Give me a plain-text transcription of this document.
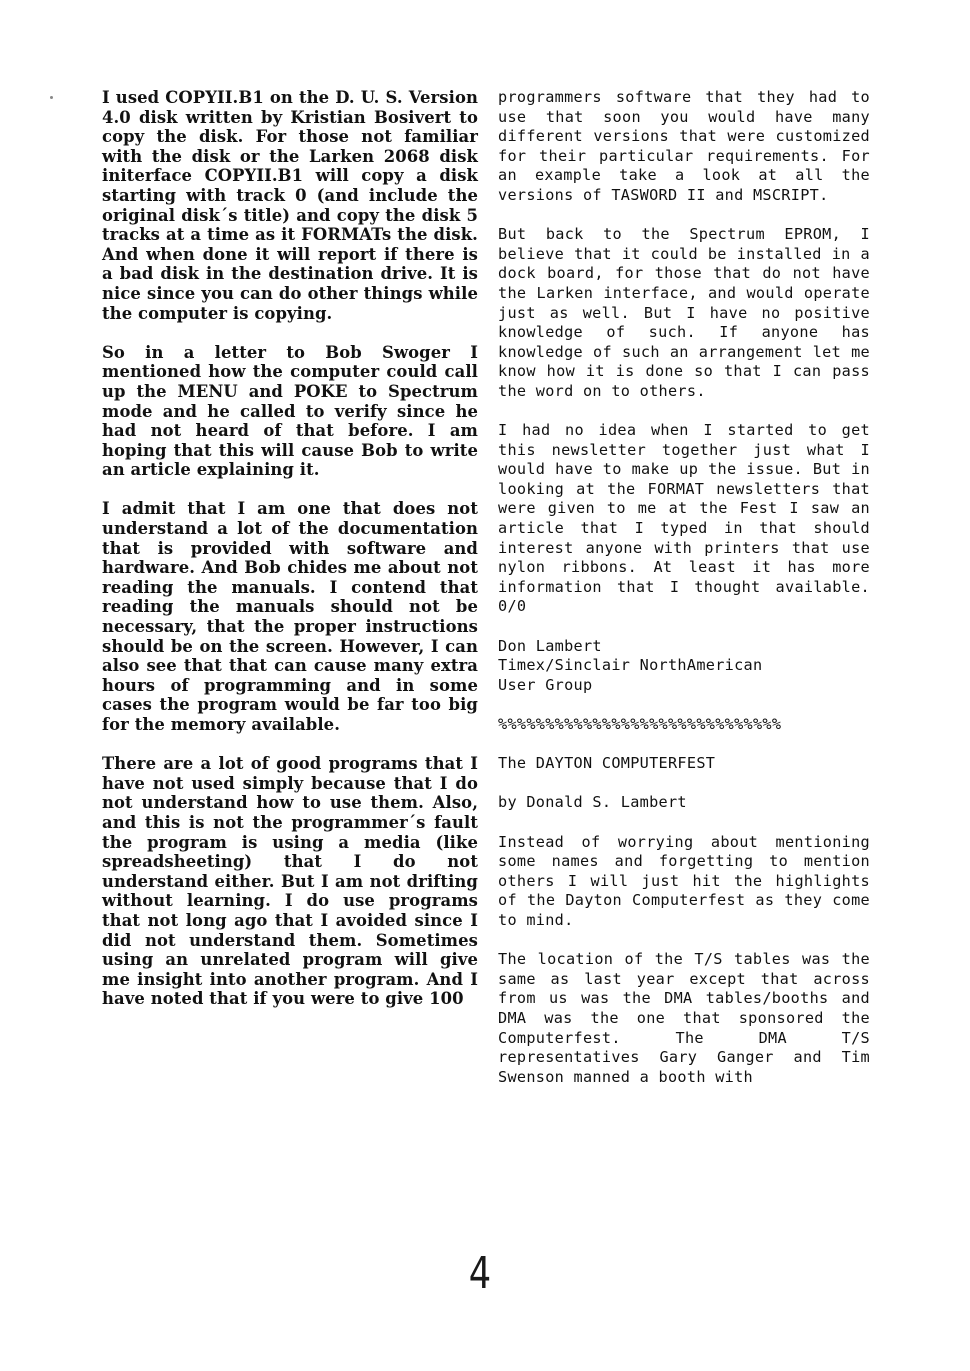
I used COPYII.B1 on the D. U. S. Version 4.0 disk written by Kristian Bosivert to copy the disk. For those not familiar with the disk or the Larken 2068 disk initerface COPYII.B1 will copy a disk starting with track 0 (and include the original disk´s title) and copy the disk 5 tracks at a time as it FORMATs the disk. And when done it will report if there is a bad disk in the destination drive. It is nice since you can do other things while the computer is copying.

So in a letter to Bob Swoger I mentioned how the computer could call up the MENU and POKE to Spectrum mode and he called to verify since he had not heard of that before. I am hoping that this will cause Bob to write an article explaining it.

I admit that I am one that does not understand a lot of the documentation that is provided with software and hardware. And Bob chides me about not reading the manuals. I contend that reading the manuals should not be necessary, that the proper instructions should be on the screen. However, I can also see that that can cause many extra hours of programming and in some cases the program would be far too big for the memory available.

There are a lot of good programs that I have not used simply because that I do not understand how to use them. Also, and this is not the programmer´s fault the program is using a media (like spreadsheeting) that I do not understand either. But I am not drifting without learning. I do use programs that not long ago that I avoided since I did not understand them. Sometimes using an unrelated program will give me insight into another program. And I have noted that if you were to give 100

programmers software that they had to use that soon you would have many different versions that were customized for their particular requirements. For an example take a look at all the versions of TASWORD II and MSCRIPT.

But back to the Spectrum EPROM, I believe that it could be installed in a dock board, for those that do not have the Larken interface, and would operate just as well. But I have no positive knowledge of such. If anyone has knowledge of such an arrangement let me know how it is done so that I can pass the word on to others.

I had no idea when I started to get this newsletter together just what I would have to make up the issue. But in looking at the FORMAT newsletters that were given to me at the Fest I saw an article that I typed in that should interest anyone with printers that use nylon ribbons. At least it has more information that I thought available. 0/0

Don Lambert
Timex/Sinclair NorthAmerican
User Group

%%%%%%%%%%%%%%%%%%%%%%%%%%%%%%

The DAYTON COMPUTERFEST

by Donald S. Lambert

Instead of worrying about mentioning some names and forgetting to mention others I will just hit the highlights of the Dayton Computerfest as they come to mind.

The location of the T/S tables was the same as last year except that across from us was the DMA tables/booths and DMA was the one that sponsored the Computerfest. The DMA T/S representatives Gary Ganger and Tim Swenson manned a booth with

4
